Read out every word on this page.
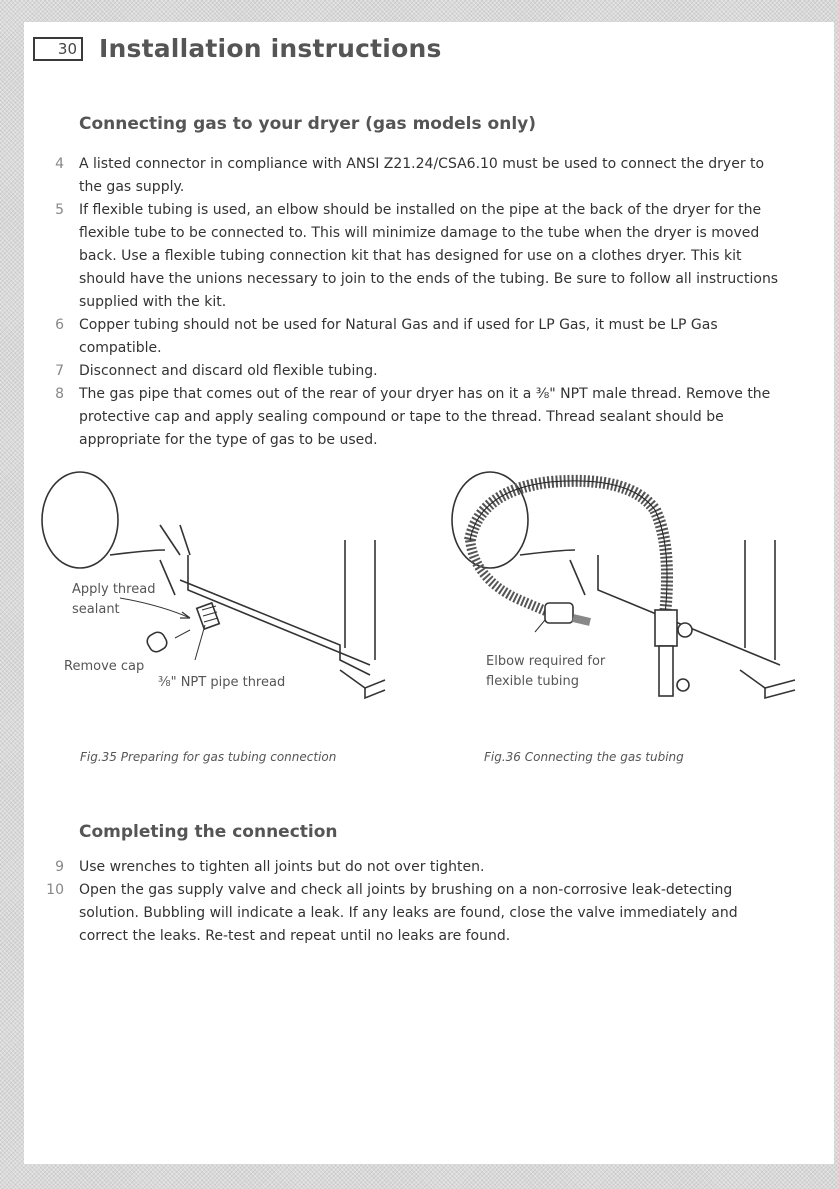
30 Installation instructions
Connecting gas to your dryer (gas models only)
4 A listed connector in compliance with ANSI Z21.24/CSA6.10 must be used to connect the dryer to the gas supply.
5 If flexible tubing is used, an elbow should be installed on the pipe at the back of the dryer for the flexible tube to be connected to. This will minimize damage to the tube when the dryer is moved back. Use a flexible tubing connection kit that has designed for use on a clothes dryer. This kit should have the unions necessary to join to the ends of the tubing. Be sure to follow all instructions supplied with the kit.
6 Copper tubing should not be used for Natural Gas and if used for LP Gas, it must be LP Gas compatible.
7 Disconnect and discard old flexible tubing.
8 The gas pipe that comes out of the rear of your dryer has on it a ⅜" NPT male thread. Remove the protective cap and apply sealing compound or tape to the thread. Thread sealant should be appropriate for the type of gas to be used.
Apply thread
sealant
Remove cap
⅜" NPT pipe thread
Elbow required for
flexible tubing
Fig.35 Preparing for gas tubing connection	Fig.36 Connecting the gas tubing
Completing the connection
9 Use wrenches to tighten all joints but do not over tighten.
10 Open the gas supply valve and check all joints by brushing on a non-corrosive leak-detecting solution. Bubbling will indicate a leak. If any leaks are found, close the valve immediately and correct the leaks. Re-test and repeat until no leaks are found.
